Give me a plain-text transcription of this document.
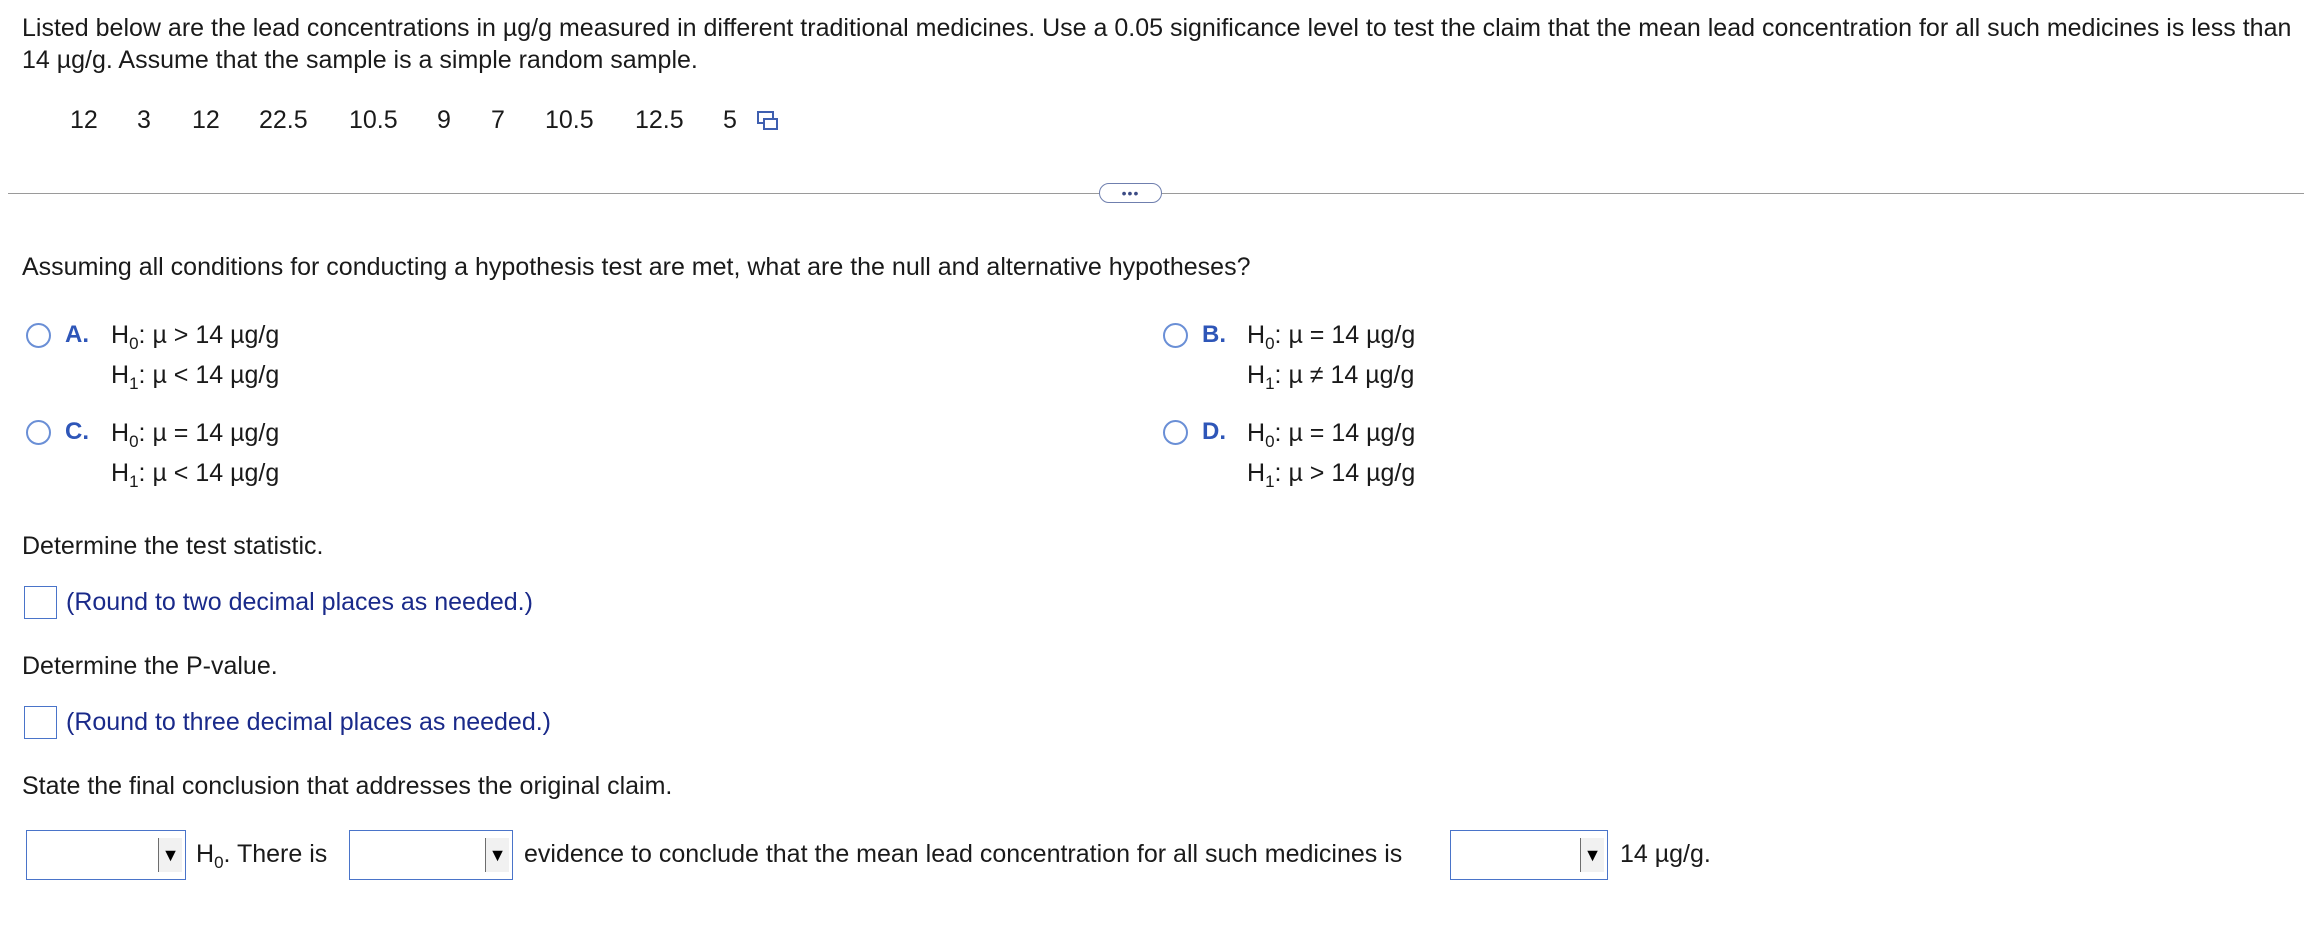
Listed below are the lead concentrations in µg/g measured in different traditional medicines. Use a 0.05 significance level to test the claim that the mean lead concentration for all such medicines is less than 14 µg/g. Assume that the sample is a simple random sample.
12 3 12 22.5 10.5 9 7 10.5 12.5 5
•••
Assuming all conditions for conducting a hypothesis test are met, what are the null and alternative hypotheses?
A. $H_0$: µ > 14 µg/g
$H_1$: µ < 14 µg/g
B. $H_0$: µ = 14 µg/g
$H_1$: µ ≠ 14 µg/g
C. $H_0$: µ = 14 µg/g
$H_1$: µ < 14 µg/g
D. $H_0$: µ = 14 µg/g
$H_1$: µ > 14 µg/g
Determine the test statistic.
(Round to two decimal places as needed.)
Determine the P-value.
(Round to three decimal places as needed.)
State the final conclusion that addresses the original claim.
▼ $H_0$. There is	▼ evidence to conclude that the mean lead concentration for all such medicines is	▼ 14 µg/g.
